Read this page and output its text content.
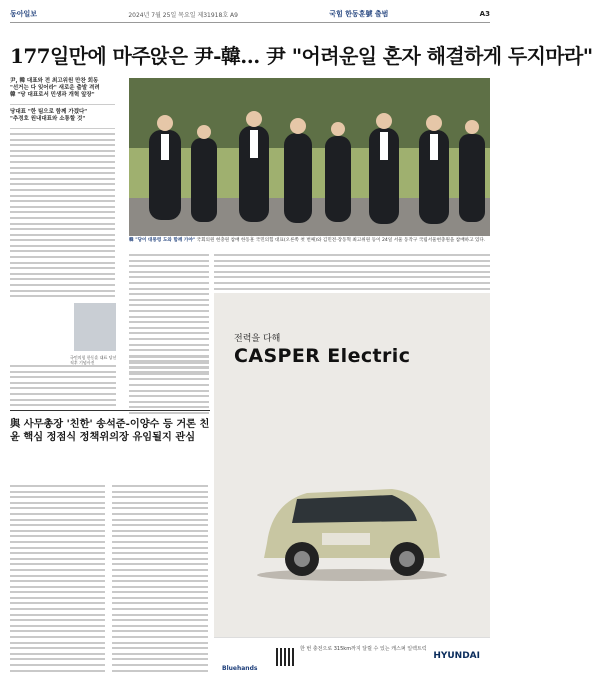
동아일보	2024년 7월 25일 목요일 제31918호 A9	국힘 한동훈號 출범	A3
177일만에 마주앉은 尹-韓… 尹 "어려운일 혼자 해결하게 두지마라"
尹, 韓 대표와 전 최고위원 만찬 회동
"선거는 다 잊어라" 새로운 출발 격려
韓 "당 대표로서 민생과 개혁 앞장"
당대표 "한 팀으로 함께 가겠다"
"추경호 원내대표와 소통할 것"
韓 "당이 대통령 도와 함께 가야" 국회의원 현충원 참배 한동훈 국민의힘 대표(오른쪽 첫 번째)와 김민전·장동혁 최고위원 등이 24일 서울 동작구 국립서울현충원을 참배하고 있다.
국민의힘 한동훈 대표 당선 직후 기념사진
與 사무총장 '친한' 송석준-이양수 등 거론 친윤 핵심 정점식 정책위의장 유임될지 관심
전력을 다해
CASPER Electric
한 번 충전으로 315km까지 달릴 수 있는 캐스퍼 일렉트릭
HYUNDAI
Bluehands
